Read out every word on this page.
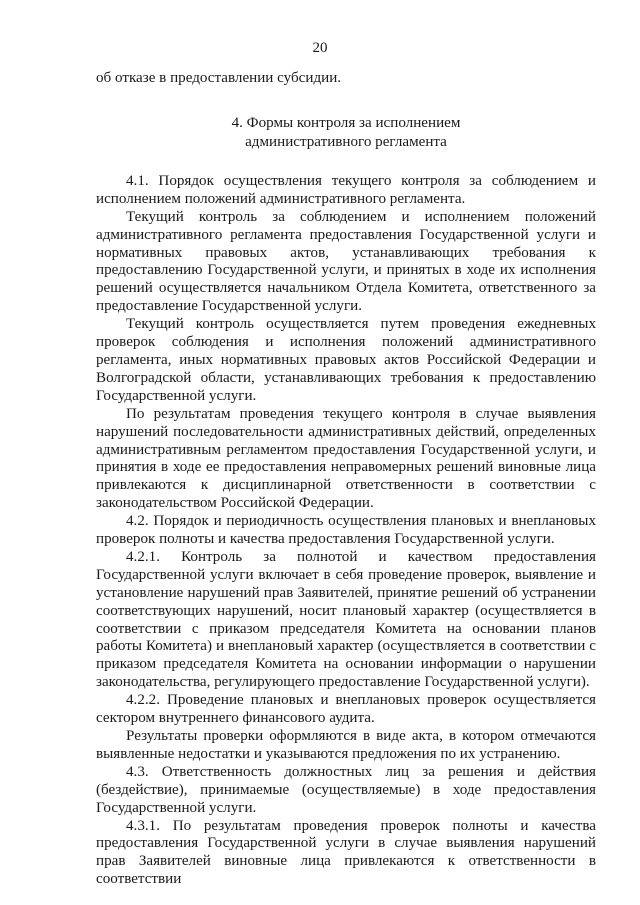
20

об отказе в предоставлении субсидии.

4. Формы контроля за исполнением
административного регламента

4.1. Порядок осуществления текущего контроля за соблюдением и исполнением положений административного регламента.

Текущий контроль за соблюдением и исполнением положений административного регламента предоставления Государственной услуги и нормативных правовых актов, устанавливающих требования к предоставлению Государственной услуги, и принятых в ходе их исполнения решений осуществляется начальником Отдела Комитета, ответственного за предоставление Государственной услуги.

Текущий контроль осуществляется путем проведения ежедневных проверок соблюдения и исполнения положений административного регламента, иных нормативных правовых актов Российской Федерации и Волгоградской области, устанавливающих требования к предоставлению Государственной услуги.

По результатам проведения текущего контроля в случае выявления нарушений последовательности административных действий, определенных административным регламентом предоставления Государственной услуги, и принятия в ходе ее предоставления неправомерных решений виновные лица привлекаются к дисциплинарной ответственности в соответствии с законодательством Российской Федерации.

4.2. Порядок и периодичность осуществления плановых и внеплановых проверок полноты и качества предоставления Государственной услуги.

4.2.1. Контроль за полнотой и качеством предоставления Государственной услуги включает в себя проведение проверок, выявление и установление нарушений прав Заявителей, принятие решений об устранении соответствующих нарушений, носит плановый характер (осуществляется в соответствии с приказом председателя Комитета на основании планов работы Комитета) и внеплановый характер (осуществляется в соответствии с приказом председателя Комитета на основании информации о нарушении законодательства, регулирующего предоставление Государственной услуги).

4.2.2. Проведение плановых и внеплановых проверок осуществляется сектором внутреннего финансового аудита.

Результаты проверки оформляются в виде акта, в котором отмечаются выявленные недостатки и указываются предложения по их устранению.

4.3. Ответственность должностных лиц за решения и действия (бездействие), принимаемые (осуществляемые) в ходе предоставления Государственной услуги.

4.3.1. По результатам проведения проверок полноты и качества предоставления Государственной услуги в случае выявления нарушений прав Заявителей виновные лица привлекаются к ответственности в соответствии
